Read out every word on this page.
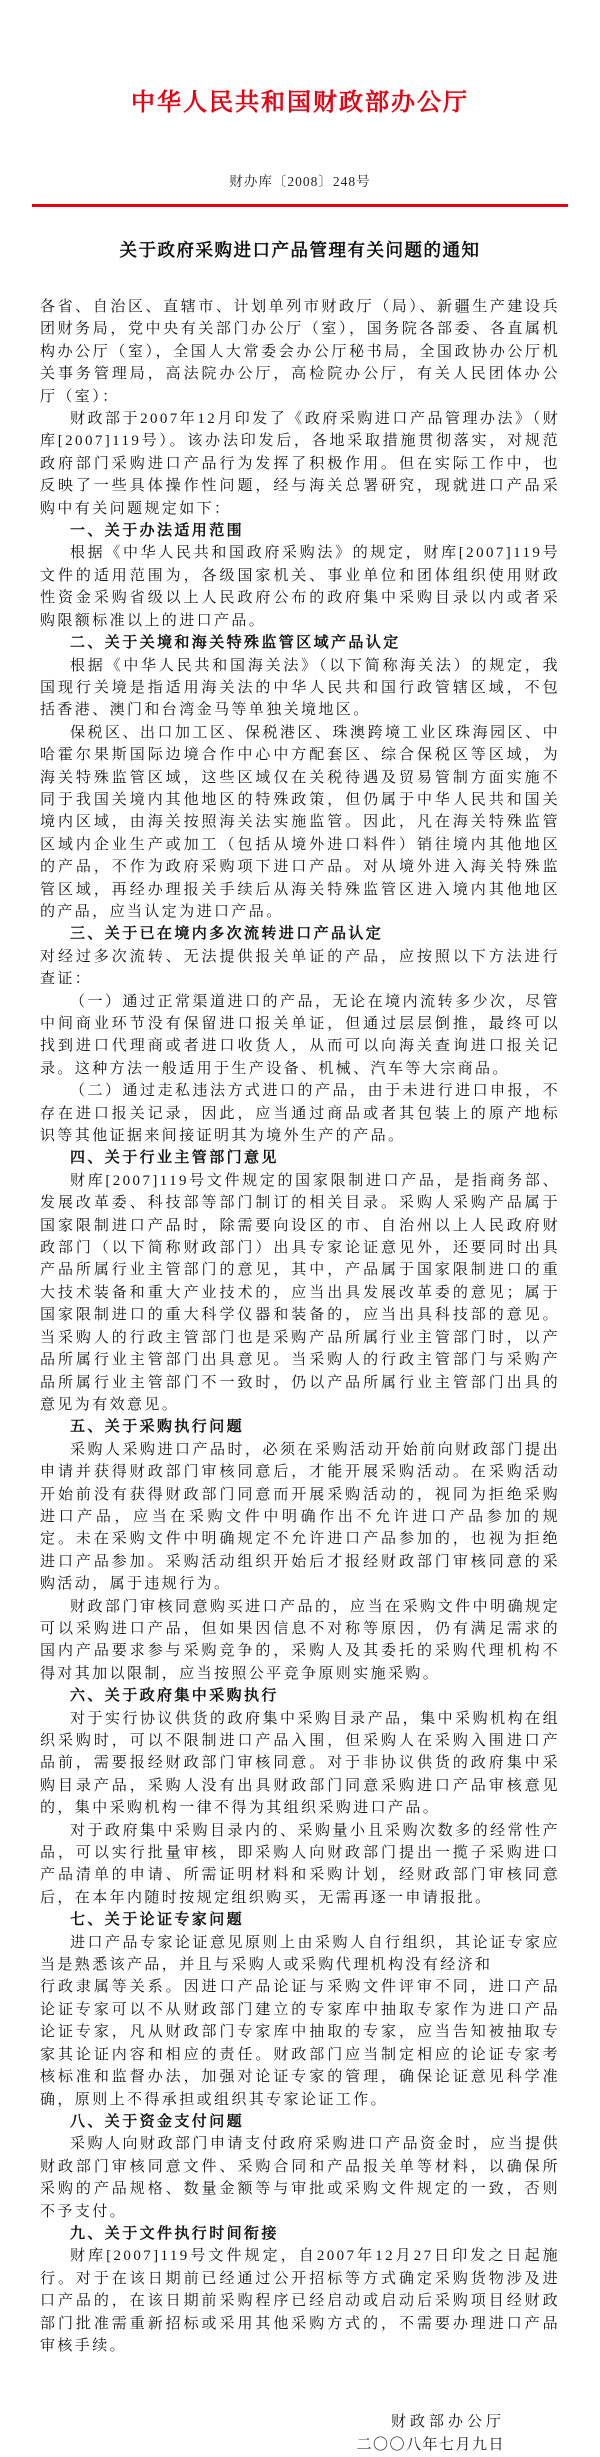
中华人民共和国财政部办公厅
财办库〔2008〕248号
关于政府采购进口产品管理有关问题的通知

各省、自治区、直辖市、计划单列市财政厅（局）、新疆生产建设兵团财务局，党中央有关部门办公厅（室），国务院各部委、各直属机构办公厅（室），全国人大常委会办公厅秘书局，全国政协办公厅机关事务管理局，高法院办公厅，高检院办公厅，有关人民团体办公厅（室）：

财政部于2007年12月印发了《政府采购进口产品管理办法》（财库[2007]119号）。该办法印发后，各地采取措施贯彻落实，对规范政府部门采购进口产品行为发挥了积极作用。但在实际工作中，也反映了一些具体操作性问题，经与海关总署研究，现就进口产品采购中有关问题规定如下：

一、关于办法适用范围

根据《中华人民共和国政府采购法》的规定，财库[2007]119号文件的适用范围为，各级国家机关、事业单位和团体组织使用财政性资金采购省级以上人民政府公布的政府集中采购目录以内或者采购限额标准以上的进口产品。

二、关于关境和海关特殊监管区域产品认定

根据《中华人民共和国海关法》（以下简称海关法）的规定，我国现行关境是指适用海关法的中华人民共和国行政管辖区域，不包括香港、澳门和台湾金马等单独关境地区。

保税区、出口加工区、保税港区、珠澳跨境工业区珠海园区、中哈霍尔果斯国际边境合作中心中方配套区、综合保税区等区域，为海关特殊监管区域，这些区域仅在关税待遇及贸易管制方面实施不同于我国关境内其他地区的特殊政策，但仍属于中华人民共和国关境内区域，由海关按照海关法实施监管。因此，凡在海关特殊监管区域内企业生产或加工（包括从境外进口料件）销往境内其他地区的产品，不作为政府采购项下进口产品。对从境外进入海关特殊监管区域，再经办理报关手续后从海关特殊监管区进入境内其他地区的产品，应当认定为进口产品。

三、关于已在境内多次流转进口产品认定

对经过多次流转、无法提供报关单证的产品，应按照以下方法进行查证：

（一）通过正常渠道进口的产品，无论在境内流转多少次，尽管中间商业环节没有保留进口报关单证，但通过层层倒推，最终可以找到进口代理商或者进口收货人，从而可以向海关查询进口报关记录。这种方法一般适用于生产设备、机械、汽车等大宗商品。

（二）通过走私违法方式进口的产品，由于未进行进口申报，不存在进口报关记录，因此，应当通过商品或者其包装上的原产地标识等其他证据来间接证明其为境外生产的产品。

四、关于行业主管部门意见

财库[2007]119号文件规定的国家限制进口产品，是指商务部、发展改革委、科技部等部门制订的相关目录。采购人采购产品属于国家限制进口产品时，除需要向设区的市、自治州以上人民政府财政部门（以下简称财政部门）出具专家论证意见外，还要同时出具产品所属行业主管部门的意见，其中，产品属于国家限制进口的重大技术装备和重大产业技术的，应当出具发展改革委的意见；属于国家限制进口的重大科学仪器和装备的，应当出具科技部的意见。当采购人的行政主管部门也是采购产品所属行业主管部门时，以产品所属行业主管部门出具意见。当采购人的行政主管部门与采购产品所属行业主管部门不一致时，仍以产品所属行业主管部门出具的意见为有效意见。

五、关于采购执行问题

采购人采购进口产品时，必须在采购活动开始前向财政部门提出申请并获得财政部门审核同意后，才能开展采购活动。在采购活动开始前没有获得财政部门同意而开展采购活动的，视同为拒绝采购进口产品，应当在采购文件中明确作出不允许进口产品参加的规定。未在采购文件中明确规定不允许进口产品参加的，也视为拒绝进口产品参加。采购活动组织开始后才报经财政部门审核同意的采购活动，属于违规行为。

财政部门审核同意购买进口产品的，应当在采购文件中明确规定可以采购进口产品，但如果因信息不对称等原因，仍有满足需求的国内产品要求参与采购竞争的，采购人及其委托的采购代理机构不得对其加以限制，应当按照公平竞争原则实施采购。

六、关于政府集中采购执行

对于实行协议供货的政府集中采购目录产品，集中采购机构在组织采购时，可以不限制进口产品入围，但采购人在采购入围进口产品前，需要报经财政部门审核同意。对于非协议供货的政府集中采购目录产品，采购人没有出具财政部门同意采购进口产品审核意见的，集中采购机构一律不得为其组织采购进口产品。

对于政府集中采购目录内的、采购量小且采购次数多的经常性产品，可以实行批量审核，即采购人向财政部门提出一揽子采购进口产品清单的申请、所需证明材料和采购计划，经财政部门审核同意后，在本年内随时按规定组织购买，无需再逐一申请报批。

七、关于论证专家问题

进口产品专家论证意见原则上由采购人自行组织，其论证专家应当是熟悉该产品，并且与采购人或采购代理机构没有经济和
行政隶属等关系。因进口产品论证与采购文件评审不同，进口产品论证专家可以不从财政部门建立的专家库中抽取专家作为进口产品论证专家，凡从财政部门专家库中抽取的专家，应当告知被抽取专家其论证内容和相应的责任。财政部门应当制定相应的论证专家考核标准和监督办法，加强对论证专家的管理，确保论证意见科学准确，原则上不得承担或组织其专家论证工作。

八、关于资金支付问题

采购人向财政部门申请支付政府采购进口产品资金时，应当提供财政部门审核同意文件、采购合同和产品报关单等材料，以确保所采购的产品规格、数量金额等与审批或采购文件规定的一致，否则不予支付。

九、关于文件执行时间衔接

财库[2007]119号文件规定，自2007年12月27日印发之日起施行。对于在该日期前已经通过公开招标等方式确定采购货物涉及进口产品的，在该日期前采购程序已经启动或启动后采购项目经财政部门批准需重新招标或采用其他采购方式的，不需要办理进口产品审核手续。

财政部办公厅
二〇〇八年七月九日
